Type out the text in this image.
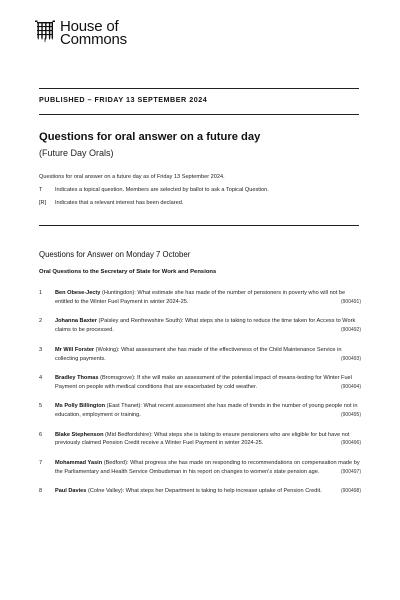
House of
Commons
PUBLISHED – FRIDAY 13 SEPTEMBER 2024
Questions for oral answer on a future day
(Future Day Orals)
Questions for oral answer on a future day as of Friday 13 September 2024.
T	Indicates a topical question. Members are selected by ballot to ask a Topical Question.
[R]	Indicates that a relevant interest has been declared.
Questions for Answer on Monday 7 October
Oral Questions to the Secretary of State for Work and Pensions
1 Ben Obese-Jecty (Huntingdon): What estimate she has made of the number of pensioners in poverty who will not be entitled to the Winter Fuel Payment in winter 2024-25.	(900491)
2 Johanna Baxter (Paisley and Renfrewshire South): What steps she is taking to reduce the time taken for Access to Work claims to be processed.	(900492)
3 Mr Will Forster (Woking): What assessment she has made of the effectiveness of the Child Maintenance Service in collecting payments.	(900493)
4 Bradley Thomas (Bromsgrove): If she will make an assessment of the potential impact of means-testing for Winter Fuel Payment on people with medical conditions that are exacerbated by cold weather.	(900494)
5 Ms Polly Billington (East Thanet): What recent assessment she has made of trends in the number of young people not in education, employment or training.	(900495)
6 Blake Stephenson (Mid Bedfordshire): What steps she is taking to ensure pensioners who are eligible for but have not previously claimed Pension Credit receive a Winter Fuel Payment in winter 2024-25.	(900496)
7 Mohammad Yasin (Bedford): What progress she has made on responding to recommendations on compensation made by the Parliamentary and Health Service Ombudsman in his report on changes to women's state pension age.	(900497)
8 Paul Davies (Colne Valley): What steps her Department is taking to help increase uptake of Pension Credit.	(900498)
